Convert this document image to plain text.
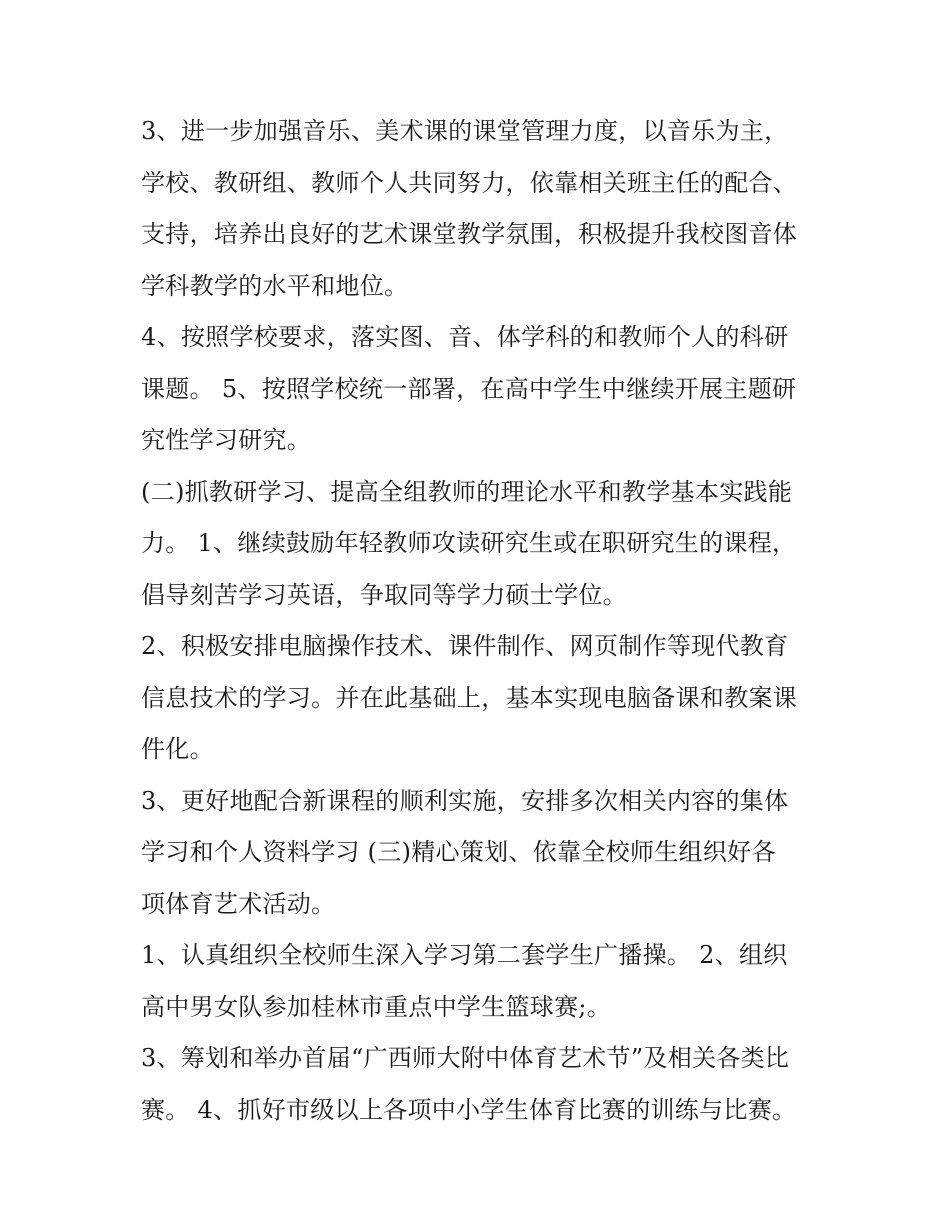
3、进一步加强音乐、美术课的课堂管理力度，以音乐为主，
学校、教研组、教师个人共同努力，依靠相关班主任的配合、
支持，培养出良好的艺术课堂教学氛围，积极提升我校图音体
学科教学的水平和地位。
4、按照学校要求，落实图、音、体学科的和教师个人的科研
课题。 5、按照学校统一部署，在高中学生中继续开展主题研
究性学习研究。
(二)抓教研学习、提高全组教师的理论水平和教学基本实践能
力。 1、继续鼓励年轻教师攻读研究生或在职研究生的课程，
倡导刻苦学习英语，争取同等学力硕士学位。
2、积极安排电脑操作技术、课件制作、网页制作等现代教育
信息技术的学习。并在此基础上，基本实现电脑备课和教案课
件化。
3、更好地配合新课程的顺利实施，安排多次相关内容的集体
学习和个人资料学习 (三)精心策划、依靠全校师生组织好各
项体育艺术活动。
1、认真组织全校师生深入学习第二套学生广播操。 2、组织
高中男女队参加桂林市重点中学生篮球赛;。
3、筹划和举办首届“广西师大附中体育艺术节”及相关各类比
赛。 4、抓好市级以上各项中小学生体育比赛的训练与比赛。
